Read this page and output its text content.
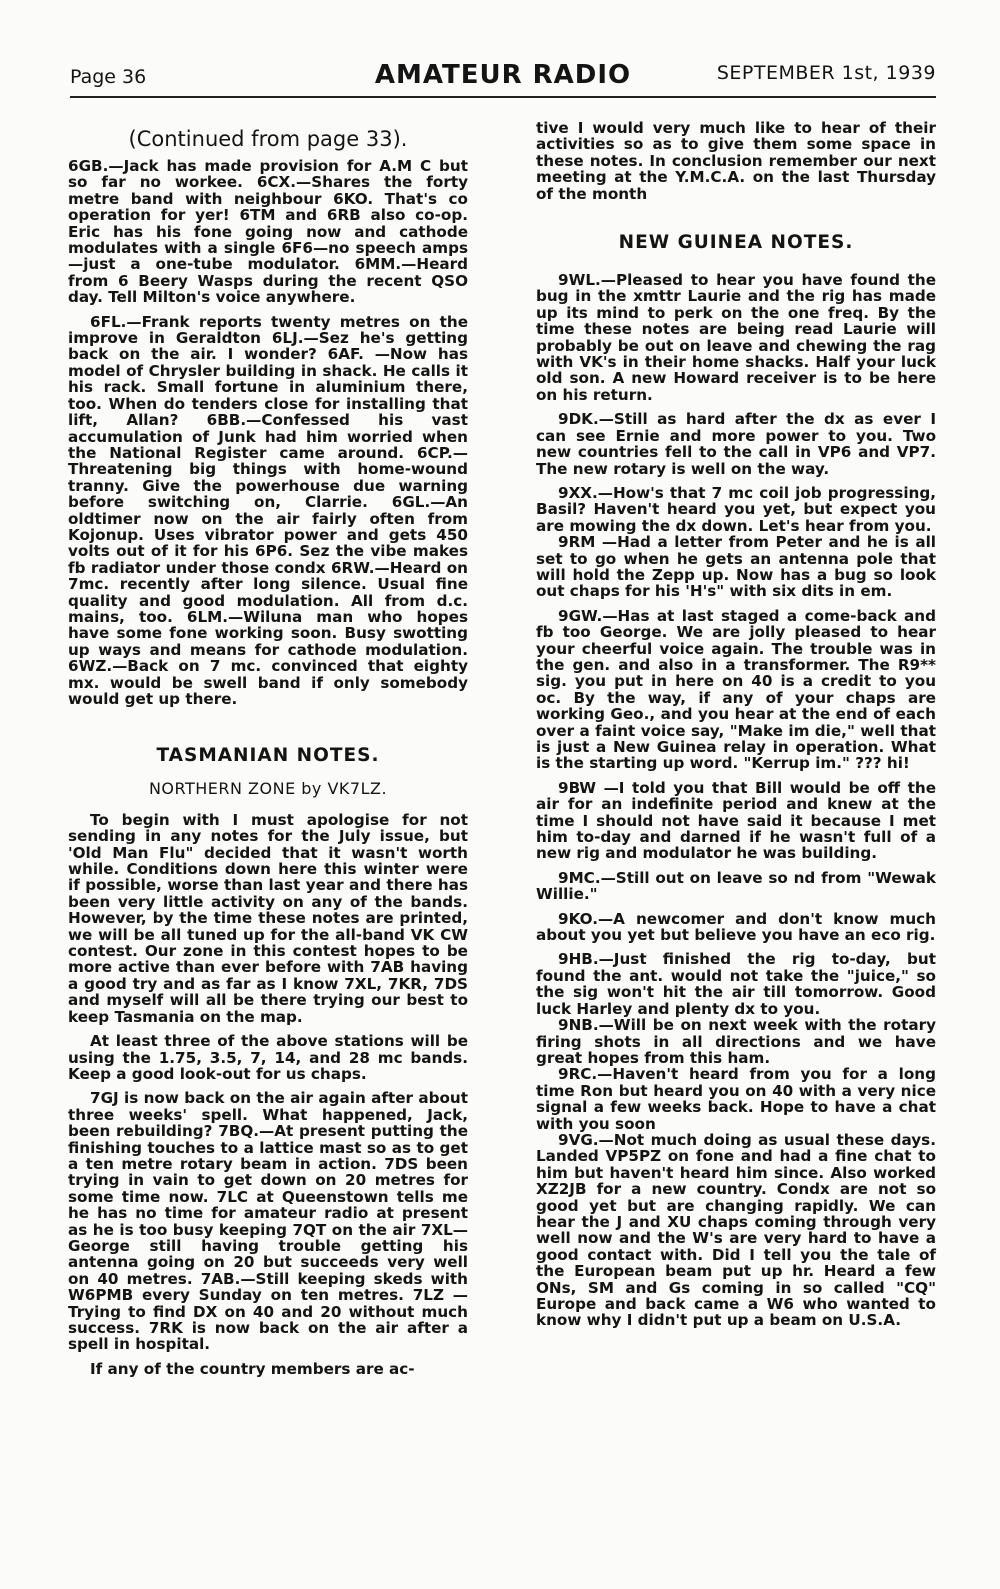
Page 36	AMATEUR RADIO	SEPTEMBER 1st, 1939
(Continued from page 33).

6GB.—Jack has made provision for A.M C but so far no workee. 6CX.—Shares the forty metre band with neighbour 6KO. That's co operation for yer! 6TM and 6RB also co-op. Eric has his fone going now and cathode modulates with a single 6F6—no speech amps—just a one-tube modulator. 6MM.—Heard from 6 Beery Wasps during the recent QSO day. Tell Milton's voice anywhere.

6FL.—Frank reports twenty metres on the improve in Geraldton 6LJ.—Sez he's getting back on the air. I wonder? 6AF. —Now has model of Chrysler building in shack. He calls it his rack. Small fortune in aluminium there, too. When do tenders close for installing that lift, Allan? 6BB.—Confessed his vast accumulation of Junk had him worried when the National Register came around. 6CP.—Threatening big things with home-wound tranny. Give the powerhouse due warning before switching on, Clarrie. 6GL.—An oldtimer now on the air fairly often from Kojonup. Uses vibrator power and gets 450 volts out of it for his 6P6. Sez the vibe makes fb radiator under those condx 6RW.—Heard on 7mc. recently after long silence. Usual fine quality and good modulation. All from d.c. mains, too. 6LM.—Wiluna man who hopes have some fone working soon. Busy swotting up ways and means for cathode modulation. 6WZ.—Back on 7 mc. convinced that eighty mx. would be swell band if only somebody would get up there.

TASMANIAN NOTES.
NORTHERN ZONE by VK7LZ.

To begin with I must apologise for not sending in any notes for the July issue, but 'Old Man Flu" decided that it wasn't worth while. Conditions down here this winter were if possible, worse than last year and there has been very little activity on any of the bands. However, by the time these notes are printed, we will be all tuned up for the all-band VK CW contest. Our zone in this contest hopes to be more active than ever before with 7AB having a good try and as far as I know 7XL, 7KR, 7DS and myself will all be there trying our best to keep Tasmania on the map.

At least three of the above stations will be using the 1.75, 3.5, 7, 14, and 28 mc bands. Keep a good look-out for us chaps.

7GJ is now back on the air again after about three weeks' spell. What happened, Jack, been rebuilding? 7BQ.—At present putting the finishing touches to a lattice mast so as to get a ten metre rotary beam in action. 7DS been trying in vain to get down on 20 metres for some time now. 7LC at Queenstown tells me he has no time for amateur radio at present as he is too busy keeping 7QT on the air 7XL—George still having trouble getting his antenna going on 20 but succeeds very well on 40 metres. 7AB.—Still keeping skeds with W6PMB every Sunday on ten metres. 7LZ —Trying to find DX on 40 and 20 without much success. 7RK is now back on the air after a spell in hospital.

If any of the country members are ac-

tive I would very much like to hear of their activities so as to give them some space in these notes. In conclusion remember our next meeting at the Y.M.C.A. on the last Thursday of the month

NEW GUINEA NOTES.

9WL.—Pleased to hear you have found the bug in the xmttr Laurie and the rig has made up its mind to perk on the one freq. By the time these notes are being read Laurie will probably be out on leave and chewing the rag with VK's in their home shacks. Half your luck old son. A new Howard receiver is to be here on his return.

9DK.—Still as hard after the dx as ever I can see Ernie and more power to you. Two new countries fell to the call in VP6 and VP7. The new rotary is well on the way.

9XX.—How's that 7 mc coil job progressing, Basil? Haven't heard you yet, but expect you are mowing the dx down. Let's hear from you.

9RM —Had a letter from Peter and he is all set to go when he gets an antenna pole that will hold the Zepp up. Now has a bug so look out chaps for his 'H's" with six dits in em.

9GW.—Has at last staged a come-back and fb too George. We are jolly pleased to hear your cheerful voice again. The trouble was in the gen. and also in a transformer. The R9** sig. you put in here on 40 is a credit to you oc. By the way, if any of your chaps are working Geo., and you hear at the end of each over a faint voice say, "Make im die," well that is just a New Guinea relay in operation. What is the starting up word. "Kerrup im." ??? hi!

9BW —I told you that Bill would be off the air for an indefinite period and knew at the time I should not have said it because I met him to-day and darned if he wasn't full of a new rig and modulator he was building.

9MC.—Still out on leave so nd from "Wewak Willie."

9KO.—A newcomer and don't know much about you yet but believe you have an eco rig.

9HB.—Just finished the rig to-day, but found the ant. would not take the "juice," so the sig won't hit the air till tomorrow. Good luck Harley and plenty dx to you.

9NB.—Will be on next week with the rotary firing shots in all directions and we have great hopes from this ham.

9RC.—Haven't heard from you for a long time Ron but heard you on 40 with a very nice signal a few weeks back. Hope to have a chat with you soon

9VG.—Not much doing as usual these days. Landed VP5PZ on fone and had a fine chat to him but haven't heard him since. Also worked XZ2JB for a new country. Condx are not so good yet but are changing rapidly. We can hear the J and XU chaps coming through very well now and the W's are very hard to have a good contact with. Did I tell you the tale of the European beam put up hr. Heard a few ONs, SM and Gs coming in so called "CQ" Europe and back came a W6 who wanted to know why I didn't put up a beam on U.S.A.
